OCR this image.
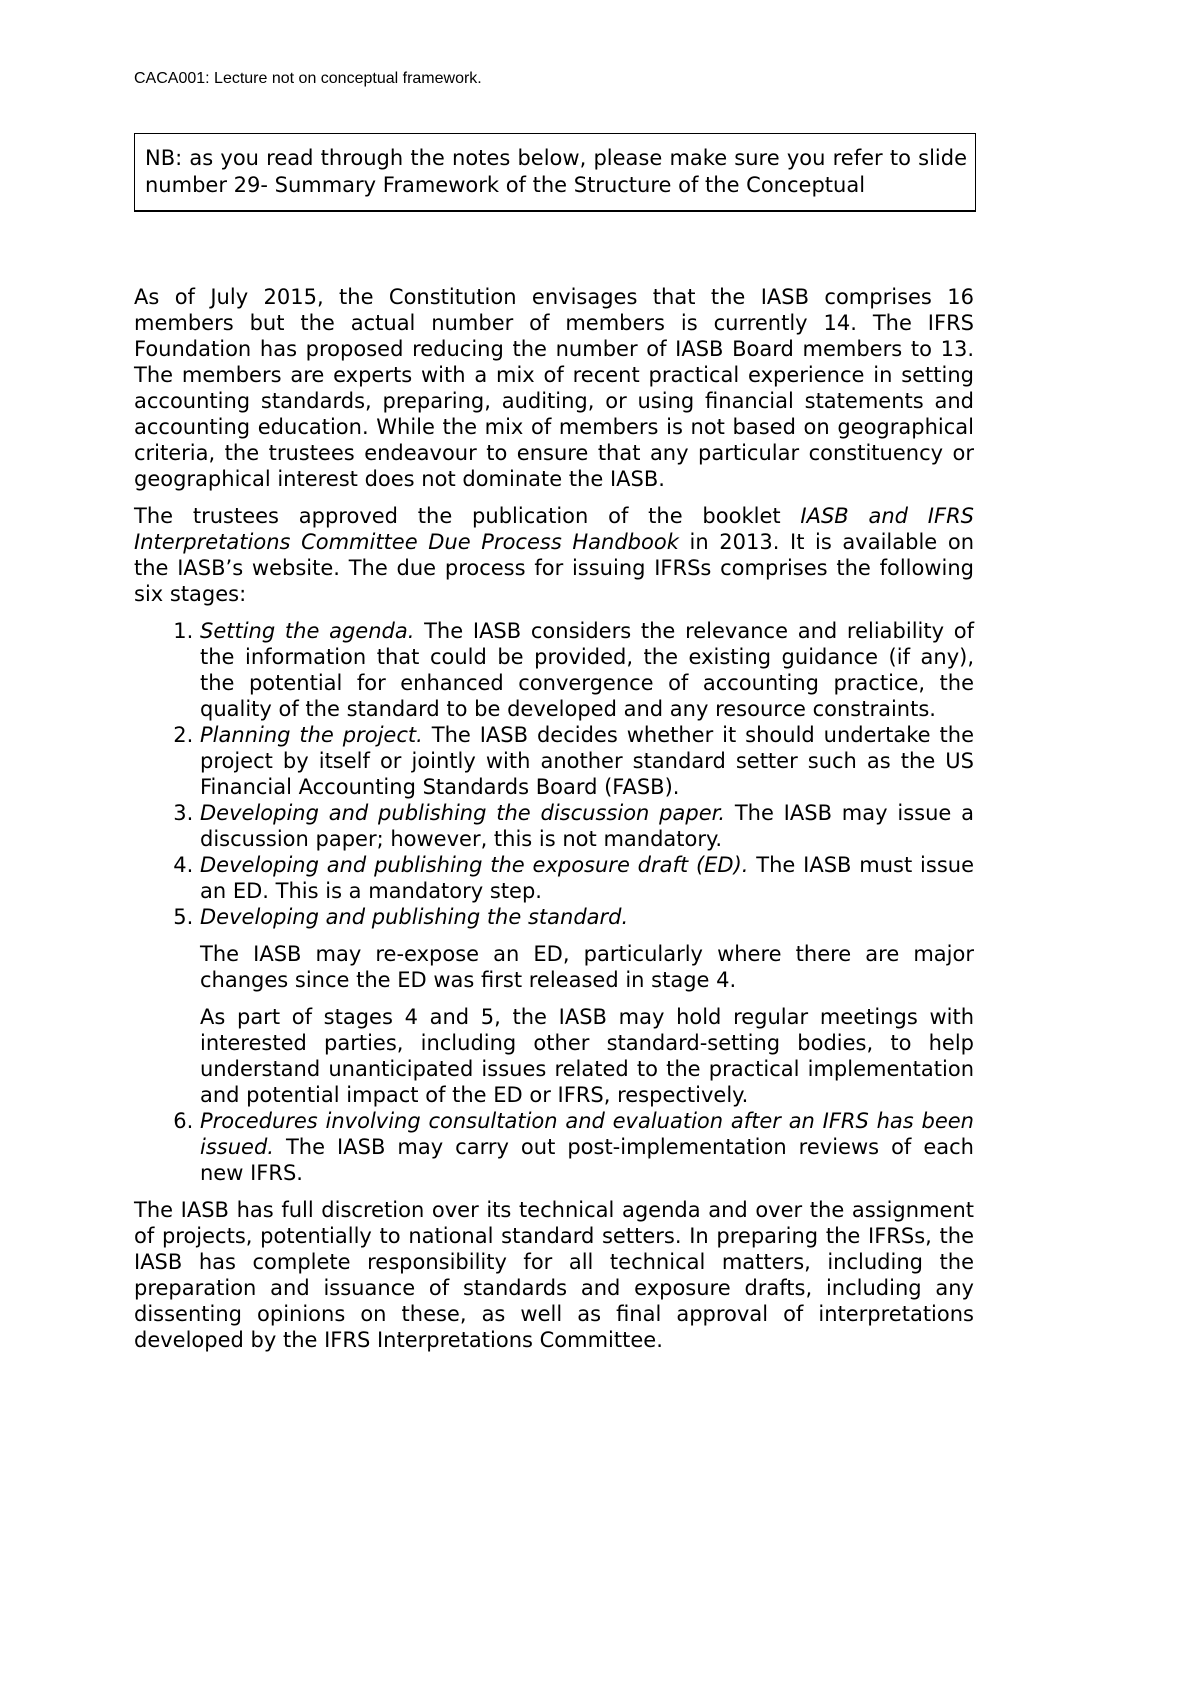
CACA001: Lecture not on conceptual framework.
NB: as you read through the notes below, please make sure you refer to slide number 29- Summary Framework of the Structure of the Conceptual

As of July 2015, the Constitution envisages that the IASB comprises 16 members but the actual number of members is currently 14. The IFRS Foundation has proposed reducing the number of IASB Board members to 13. The members are experts with a mix of recent practical experience in setting accounting standards, preparing, auditing, or using financial statements and accounting education. While the mix of members is not based on geographical criteria, the trustees endeavour to ensure that any particular constituency or geographical interest does not dominate the IASB.

The trustees approved the publication of the booklet IASB and IFRS Interpretations Committee Due Process Handbook in 2013. It is available on the IASB’s website. The due process for issuing IFRSs comprises the following six stages:

1. Setting the agenda. The IASB considers the relevance and reliability of the information that could be provided, the existing guidance (if any), the potential for enhanced convergence of accounting practice, the quality of the standard to be developed and any resource constraints.
2. Planning the project. The IASB decides whether it should undertake the project by itself or jointly with another standard setter such as the US Financial Accounting Standards Board (FASB).
3. Developing and publishing the discussion paper. The IASB may issue a discussion paper; however, this is not mandatory.
4. Developing and publishing the exposure draft (ED). The IASB must issue an ED. This is a mandatory step.
5. Developing and publishing the standard.

The IASB may re-expose an ED, particularly where there are major changes since the ED was first released in stage 4.

As part of stages 4 and 5, the IASB may hold regular meetings with interested parties, including other standard-setting bodies, to help understand unanticipated issues related to the practical implementation and potential impact of the ED or IFRS, respectively.

6. Procedures involving consultation and evaluation after an IFRS has been issued. The IASB may carry out post-implementation reviews of each new IFRS.

The IASB has full discretion over its technical agenda and over the assignment of projects, potentially to national standard setters. In preparing the IFRSs, the IASB has complete responsibility for all technical matters, including the preparation and issuance of standards and exposure drafts, including any dissenting opinions on these, as well as final approval of interpretations developed by the IFRS Interpretations Committee.
